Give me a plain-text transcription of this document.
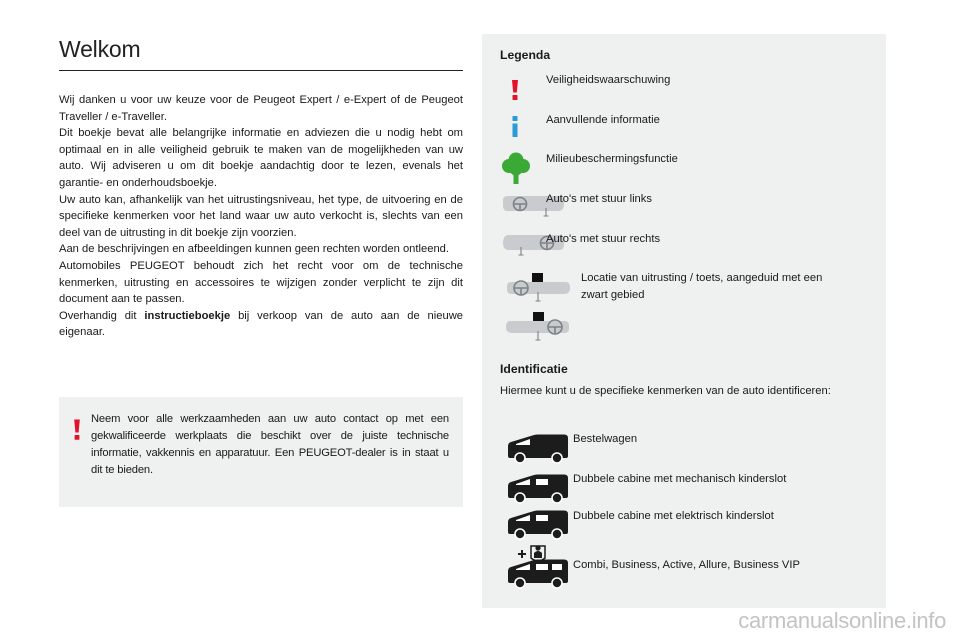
Welkom

Wij danken u voor uw keuze voor de Peugeot Expert / e-Expert of de Peugeot Traveller / e-Traveller.

Dit boekje bevat alle belangrijke informatie en adviezen die u nodig hebt om optimaal en in alle veiligheid gebruik te maken van de mogelijkheden van uw auto. Wij adviseren u om dit boekje aandachtig door te lezen, evenals het garantie- en onderhoudsboekje.

Uw auto kan, afhankelijk van het uitrustingsniveau, het type, de uitvoering en de specifieke kenmerken voor het land waar uw auto verkocht is, slechts van een deel van de uitrusting in dit boekje zijn voorzien.

Aan de beschrijvingen en afbeeldingen kunnen geen rechten worden ontleend.

Automobiles PEUGEOT behoudt zich het recht voor om de technische kenmerken, uitrusting en accessoires te wijzigen zonder verplicht te zijn dit document aan te passen.

Overhandig dit instructieboekje bij verkoop van de auto aan de nieuwe eigenaar.

Neem voor alle werkzaamheden aan uw auto contact op met een gekwalificeerde werkplaats die beschikt over de juiste technische informatie, vakkennis en apparatuur. Een PEUGEOT-dealer is in staat u dit te bieden.
Legenda
Veiligheidswaarschuwing
Aanvullende informatie
Milieubeschermingsfunctie
Auto's met stuur links
Auto's met stuur rechts
Locatie van uitrusting / toets, aangeduid met een zwart gebied
Identificatie
Hiermee kunt u de specifieke kenmerken van de auto identificeren:
Bestelwagen
Dubbele cabine met mechanisch kinderslot
Dubbele cabine met elektrisch kinderslot
Combi, Business, Active, Allure, Business VIP
carmanualsonline.info
